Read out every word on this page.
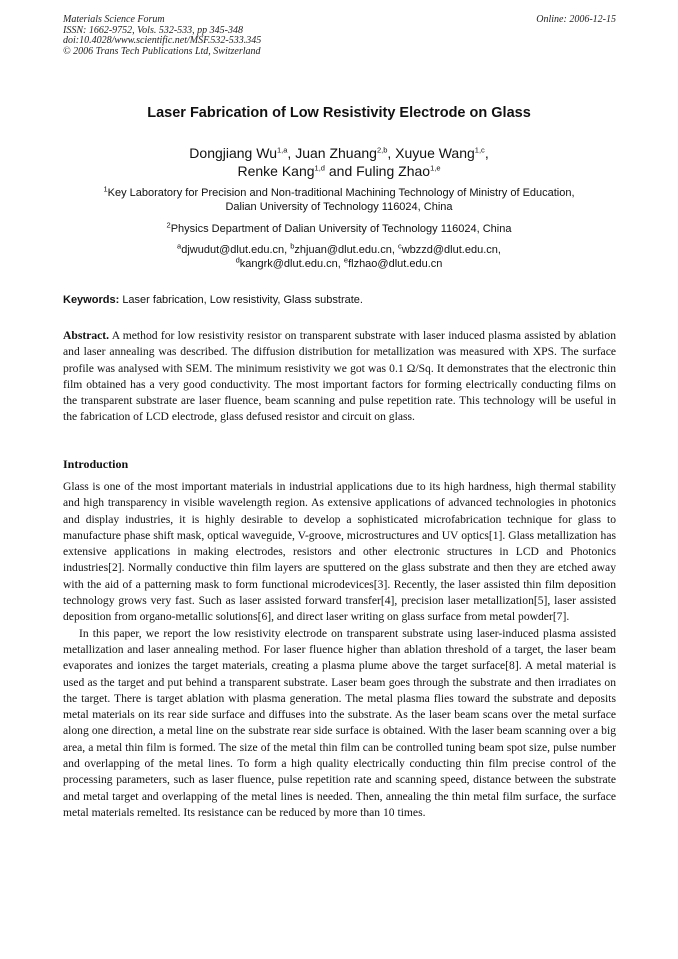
Materials Science Forum
ISSN: 1662-9752, Vols. 532-533, pp 345-348
doi:10.4028/www.scientific.net/MSF.532-533.345
© 2006 Trans Tech Publications Ltd, Switzerland
Online: 2006-12-15
Laser Fabrication of Low Resistivity Electrode on Glass
Dongjiang Wu$^{1,a}$, Juan Zhuang$^{2,b}$, Xuyue Wang$^{1,c}$,
Renke Kang$^{1,d}$ and Fuling Zhao$^{1,e}$
$^1$Key Laboratory for Precision and Non-traditional Machining Technology of Ministry of Education,
Dalian University of Technology 116024, China
$^2$Physics Department of Dalian University of Technology 116024, China
$^a$djwudut@dlut.edu.cn, $^b$zhjuan@dlut.edu.cn, $^c$wbzzd@dlut.edu.cn,
$^d$kangrk@dlut.edu.cn, $^e$flzhao@dlut.edu.cn
Keywords: Laser fabrication, Low resistivity, Glass substrate.
Abstract. A method for low resistivity resistor on transparent substrate with laser induced plasma assisted by ablation and laser annealing was described. The diffusion distribution for metallization was measured with XPS. The surface profile was analysed with SEM. The minimum resistivity we got was 0.1 Ω/Sq. It demonstrates that the electronic thin film obtained has a very good conductivity. The most important factors for forming electrically conducting films on the transparent substrate are laser fluence, beam scanning and pulse repetition rate. This technology will be useful in the fabrication of LCD electrode, glass defused resistor and circuit on glass.
Introduction

Glass is one of the most important materials in industrial applications due to its high hardness, high thermal stability and high transparency in visible wavelength region. As extensive applications of advanced technologies in photonics and display industries, it is highly desirable to develop a sophisticated microfabrication technique for glass to manufacture phase shift mask, optical waveguide, V-groove, microstructures and UV optics[1]. Glass metallization has extensive applications in making electrodes, resistors and other electronic structures in LCD and Photonics industries[2]. Normally conductive thin film layers are sputtered on the glass substrate and then they are etched away with the aid of a patterning mask to form functional microdevices[3]. Recently, the laser assisted thin film deposition technology grows very fast. Such as laser assisted forward transfer[4], precision laser metallization[5], laser assisted deposition from organo-metallic solutions[6], and direct laser writing on glass surface from metal powder[7].

In this paper, we report the low resistivity electrode on transparent substrate using laser-induced plasma assisted metallization and laser annealing method. For laser fluence higher than ablation threshold of a target, the laser beam evaporates and ionizes the target materials, creating a plasma plume above the target surface[8]. A metal material is used as the target and put behind a transparent substrate. Laser beam goes through the substrate and then irradiates on the target. There is target ablation with plasma generation. The metal plasma flies toward the substrate and deposits metal materials on its rear side surface and diffuses into the substrate. As the laser beam scans over the metal surface along one direction, a metal line on the substrate rear side surface is obtained. With the laser beam scanning over a big area, a metal thin film is formed. The size of the metal thin film can be controlled tuning beam spot size, pulse number and overlapping of the metal lines. To form a high quality electrically conducting thin film precise control of the processing parameters, such as laser fluence, pulse repetition rate and scanning speed, distance between the substrate and metal target and overlapping of the metal lines is needed. Then, annealing the thin metal film surface, the surface metal materials remelted. Its resistance can be reduced by more than 10 times.
